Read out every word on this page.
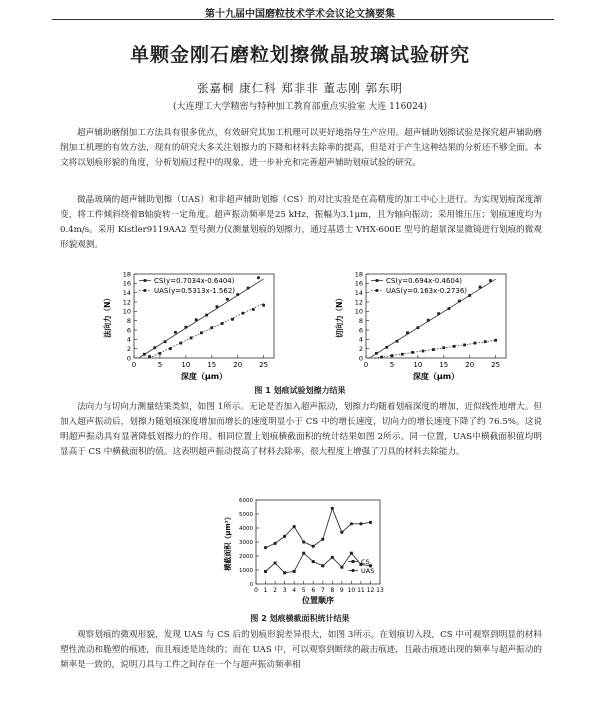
第十九届中国磨粒技术学术会议论文摘要集
单颗金刚石磨粒划擦微晶玻璃试验研究
张嘉桐 康仁科 郑非非 董志刚 郭东明
(大连理工大学精密与特种加工教育部重点实验室 大连 116024)

超声辅助磨削加工方法具有很多优点，有效研究其加工机理可以更好地指导生产应用。超声辅助划擦试验是探究超声辅助磨削加工机理的有效方法，现有的研究大多关注划擦力的下降和材料去除率的提高，但是对于产生这种结果的分析还不够全面。本文将以划痕形貌的角度，分析划痕过程中的现象，进一步补充和完善超声辅助划痕试验的研究。

微晶玻璃的超声辅助划擦（UAS）和非超声辅助划擦（CS）的对比实验是在高精度的加工中心上进行。为实现划痕深度渐变，将工件倾斜绕着B轴旋转一定角度。超声振动频率是25 kHz，振幅为3.1μm，且为轴向振动；采用锥压压；划痕速度均为0.4m/s。采用 Kistler9119AA2 型号测力仪测量划痕的划擦力，通过基恩士 VHX-600E 型号的超景深显微镜进行划痕的微观形貌观测。

0	5	10 15 20 25
0
2
4
6
8
10
12
14
16
18
深度（μm）
法向力（N）
CS(y=0.7034x-0.6404)
UAS(y=0.5313x-1.562)
0	5	10 15 20 25
0
2
4
6
8
10
12
14
16
18
深度（μm）
切向力（N）
CS(y=0.694x-0.4604)
UAS(y=0.163x-0.2736)
图 1 划痕试验划擦力结果

法向力与切向力测量结果类似，如图 1所示。无论是否加入超声振动，划擦力均随着划痕深度的增加，近似线性地增大。但加入超声振动后，划擦力随划痕深度增加而增长的速度明显小于 CS 中的增长速度，切向力的增长速度下降了约 76.5%。这说明超声振动具有显著降低划擦力的作用。相同位置上划痕横截面积的统计结果如图 2所示。同一位置，UAS中横截面积值均明显高于 CS 中横截面积的值。这表明超声振动提高了材料去除率，很大程度上增强了刀具的材料去除能力。

0 1 2 3 4 5 6 7 8 9 10 11 12 13
0
1000
2000
3000
4000
5000
6000
位置顺序
横截面积（μm²）	CS
UAS
图 2 划痕横截面积统计结果

观察划痕的微观形貌，发现 UAS 与 CS 后的划痕形貌差异很大，如图 3所示。在划痕切入段，CS 中可观察到明显的材料塑性流动和脆塑的痕迹，而且痕迹是连续的；而在 UAS 中，可以观察到断续的敲击痕迹，且敲击痕迹出现的频率与超声振动的频率是一致的，说明刀具与工件之间存在一个与超声振动频率相
